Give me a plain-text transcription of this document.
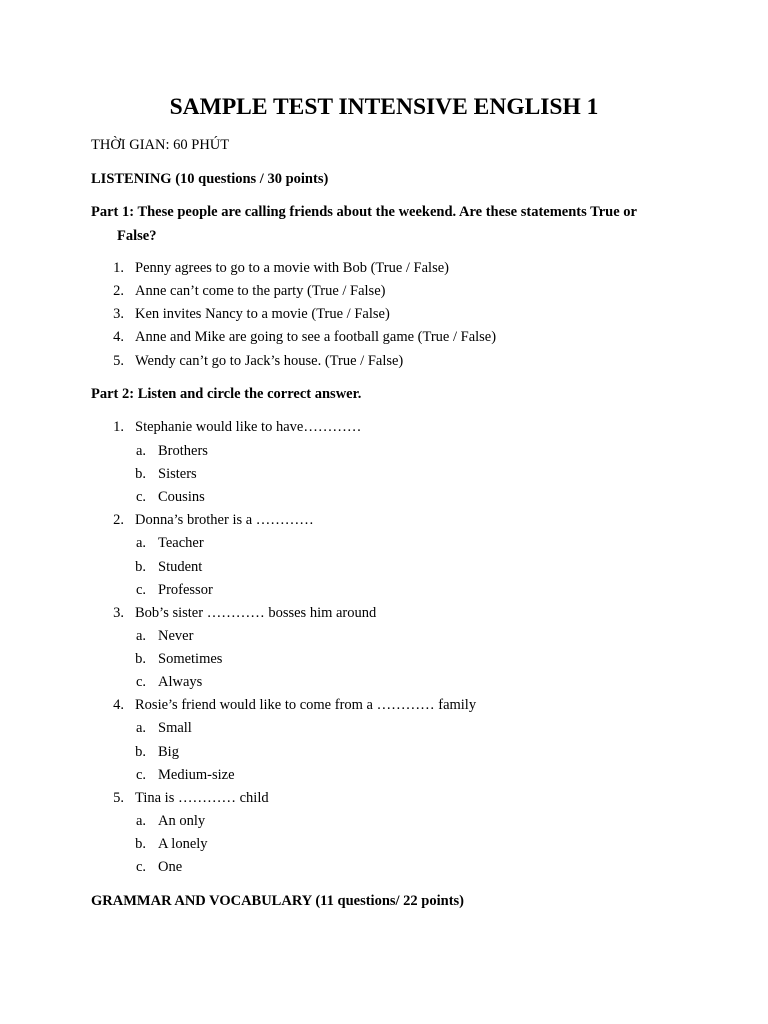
SAMPLE TEST INTENSIVE ENGLISH 1
THỜI GIAN: 60 PHÚT
LISTENING (10 questions / 30 points)
Part 1: These people are calling friends about the weekend. Are these statements True or
False?
1. Penny agrees to go to a movie with Bob (True / False)
2. Anne can’t come to the party (True / False)
3. Ken invites Nancy to a movie (True / False)
4. Anne and Mike are going to see a football game (True / False)
5. Wendy can’t go to Jack’s house. (True / False)
Part 2: Listen and circle the correct answer.
1. Stephanie would like to have…………
a. Brothers
b. Sisters
c. Cousins
2. Donna’s brother is a …………
a. Teacher
b. Student
c. Professor
3. Bob’s sister ………… bosses him around
a. Never
b. Sometimes
c. Always
4. Rosie’s friend would like to come from a ………… family
a. Small
b. Big
c. Medium-size
5. Tina is ………… child
a. An only
b. A lonely
c. One
GRAMMAR AND VOCABULARY (11 questions/ 22 points)
